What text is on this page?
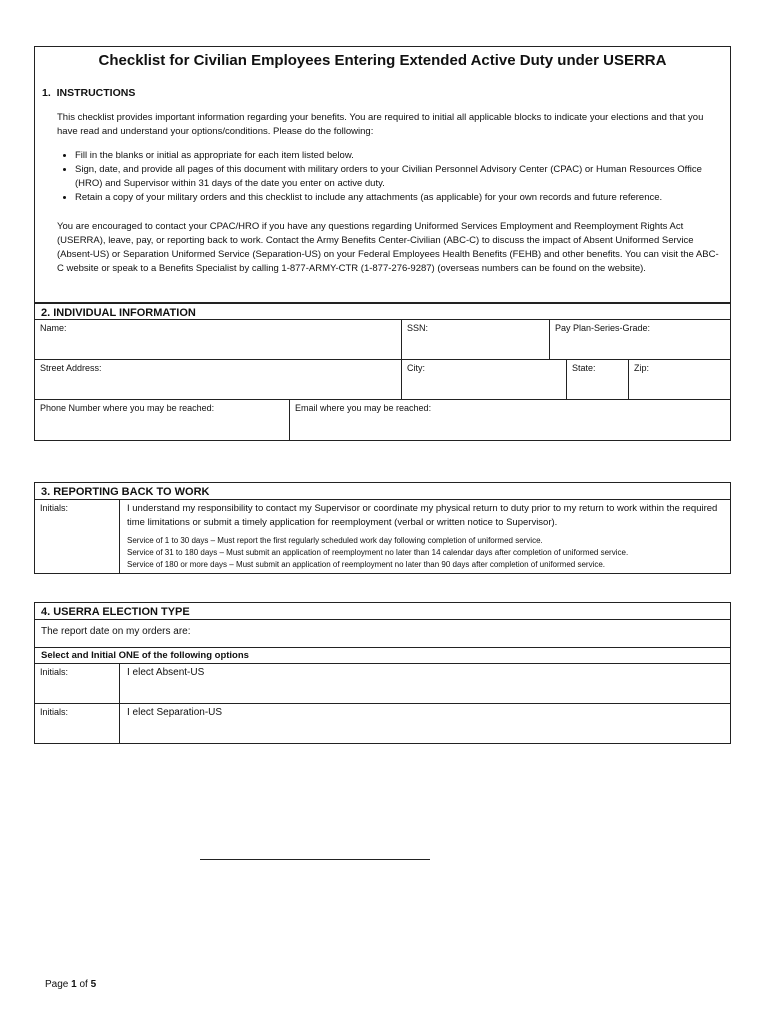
Checklist for Civilian Employees Entering Extended Active Duty under USERRA
1.  INSTRUCTIONS
This checklist provides important information regarding your benefits. You are required to initial all applicable blocks to indicate your elections and that you have read and understand your options/conditions. Please do the following:
• Fill in the blanks or initial as appropriate for each item listed below.
• Sign, date, and provide all pages of this document with military orders to your Civilian Personnel Advisory Center (CPAC) or Human Resources Office (HRO) and Supervisor within 31 days of the date you enter on active duty.
• Retain a copy of your military orders and this checklist to include any attachments (as applicable) for your own records and future reference.
You are encouraged to contact your CPAC/HRO if you have any questions regarding Uniformed Services Employment and Reemployment Rights Act (USERRA), leave, pay, or reporting back to work. Contact the Army Benefits Center-Civilian (ABC-C) to discuss the impact of Absent Uniformed Service (Absent-US) or Separation Uniformed Service (Separation-US) on your Federal Employees Health Benefits (FEHB) and other benefits. You can visit the ABC-C website or speak to a Benefits Specialist by calling 1-877-ARMY-CTR (1-877-276-9287) (overseas numbers can be found on the website).
2. INDIVIDUAL INFORMATION
Name:	SSN:	Pay Plan-Series-Grade:
Street Address:	City:	State:	Zip:
Phone Number where you may be reached:	Email where you may be reached:
3. REPORTING BACK TO WORK
Initials:	I understand my responsibility to contact my Supervisor or coordinate my physical return to duty prior to my return to work within the required time limitations or submit a timely application for reemployment (verbal or written notice to Supervisor).
Service of 1 to 30 days – Must report the first regularly scheduled work day following completion of uniformed service.
Service of 31 to 180 days – Must submit an application of reemployment no later than 14 calendar days after completion of uniformed service.
Service of 180 or more days – Must submit an application of reemployment no later than 90 days after completion of uniformed service.
4. USERRA ELECTION TYPE
The report date on my orders are:
Select and Initial ONE of the following options
Initials:	I elect Absent-US
Initials:	I elect Separation-US
Page 1 of 5
